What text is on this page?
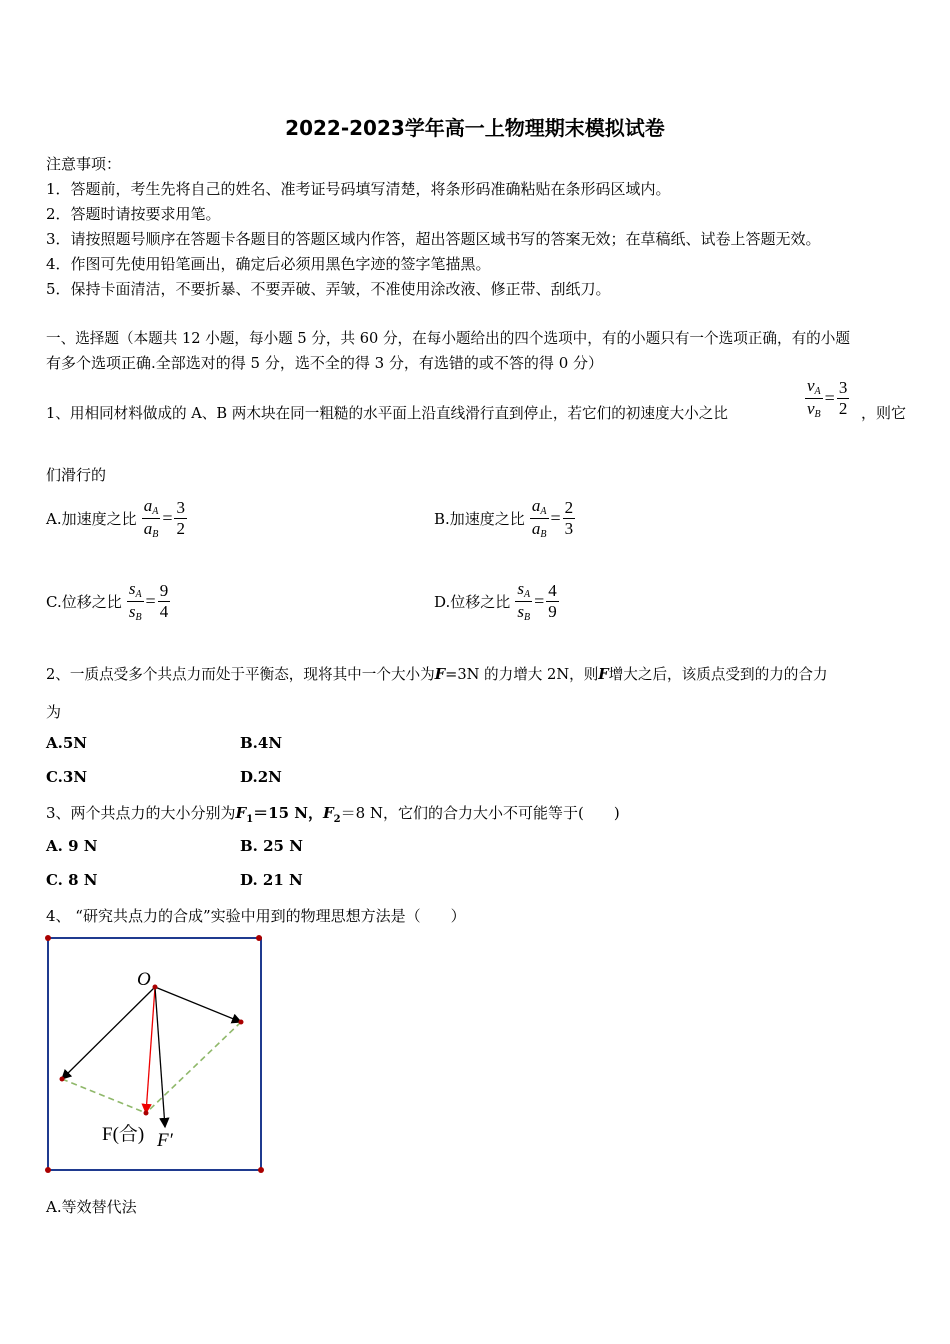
2022-2023学年高一上物理期末模拟试卷
注意事项：
1．答题前，考生先将自己的姓名、准考证号码填写清楚，将条形码准确粘贴在条形码区域内。
2．答题时请按要求用笔。
3．请按照题号顺序在答题卡各题目的答题区域内作答，超出答题区域书写的答案无效；在草稿纸、试卷上答题无效。
4．作图可先使用铅笔画出，确定后必须用黑色字迹的签字笔描黑。
5．保持卡面清洁，不要折暴、不要弄破、弄皱，不准使用涂改液、修正带、刮纸刀。
一、选择题（本题共 12 小题，每小题 5 分，共 60 分，在每小题给出的四个选项中，有的小题只有一个选项正确，有的小题
有多个选项正确.全部选对的得 5 分，选不全的得 3 分，有选错的或不答的得 0 分）
1、用相同材料做成的 A、B 两木块在同一粗糙的水平面上沿直线滑行直到停止，若它们的初速度大小之比	$\frac{v_A}{v_B} = \frac{3}{2}$ ，则它
们滑行的
A.加速度之比 $\frac{a_A}{a_B} = \frac{3}{2}$	B.加速度之比 $\frac{a_A}{a_B} = \frac{2}{3}$
C.位移之比 $\frac{s_A}{s_B} = \frac{9}{4}$	D.位移之比 $\frac{s_A}{s_B} = \frac{4}{9}$
2、一质点受多个共点力而处于平衡态，现将其中一个大小为F=3N 的力增大 2N，则F增大之后，该质点受到的力的合力
为
A.5N	B.4N
C.3N	D.2N
3、两个共点力的大小分别为$F_1=15$ N，$F_2=8$ N，它们的合力大小不可能等于(　　)
A. 9 N	B. 25 N
C. 8 N	D. 21 N
4、 “研究共点力的合成”实验中用到的物理思想方法是（　　）
O
F(合) F′
A.等效替代法
